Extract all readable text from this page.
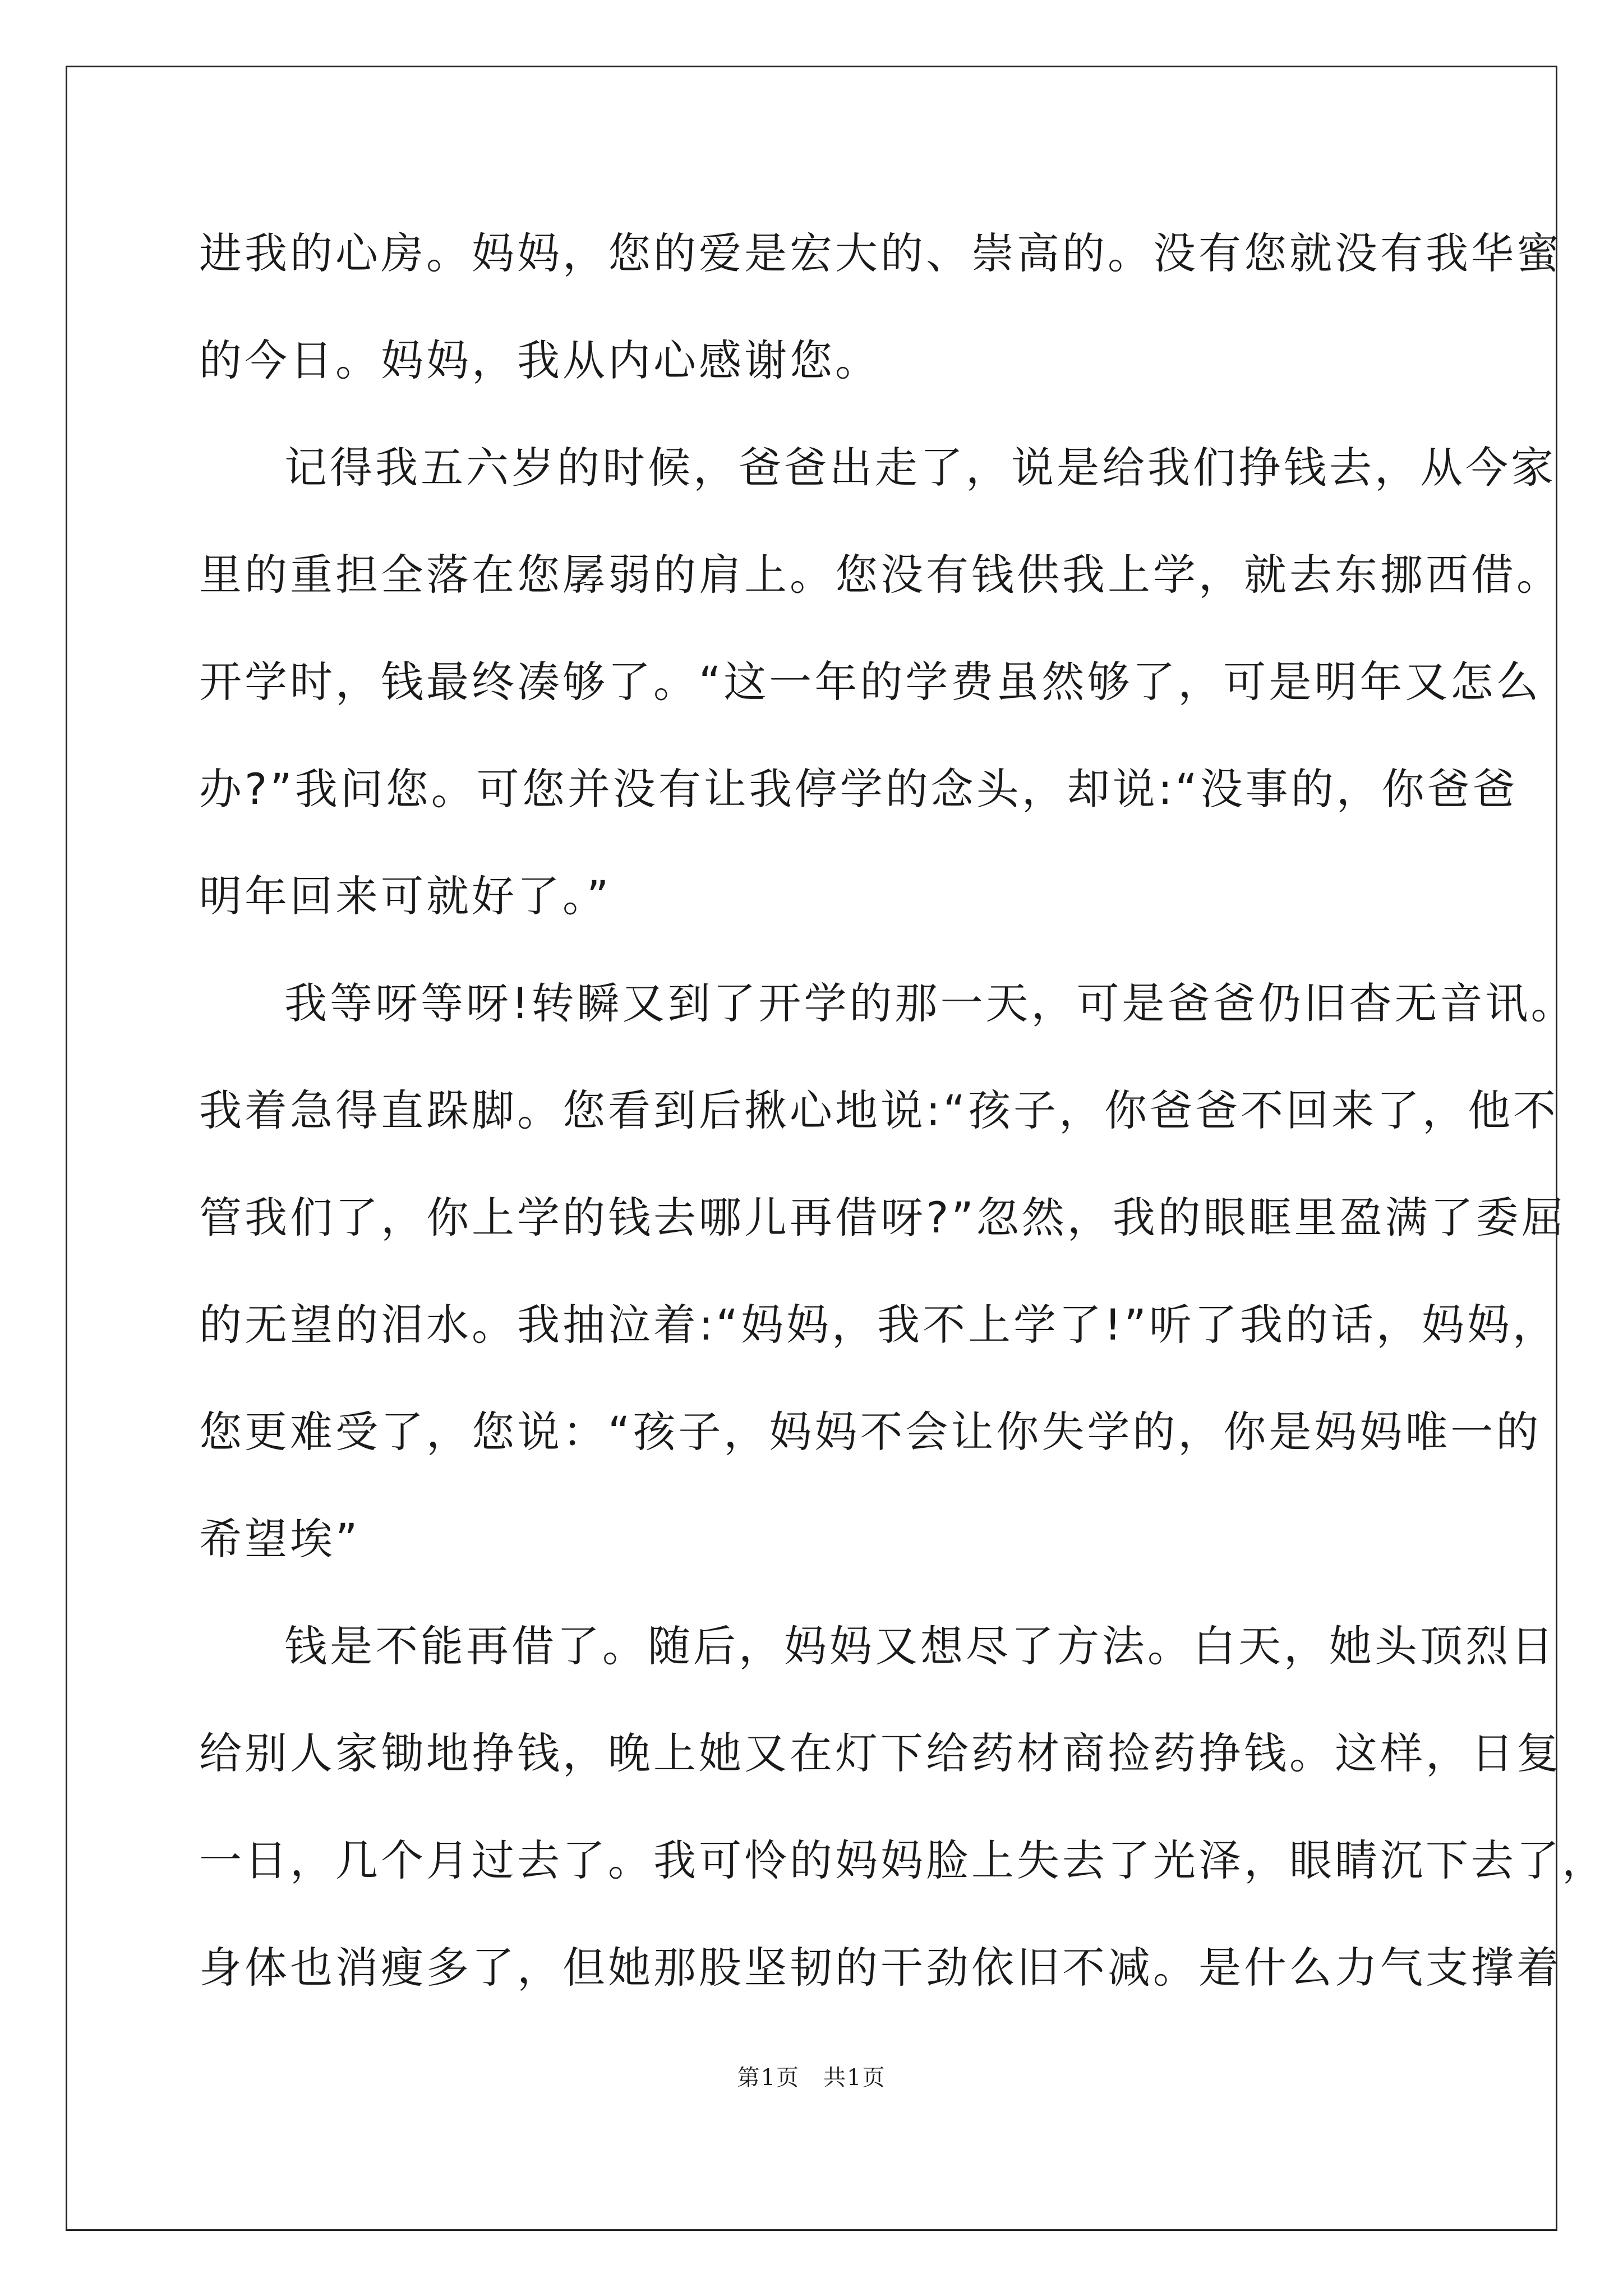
进我的心房。妈妈，您的爱是宏大的、崇高的。没有您就没有我华蜜
的今日。妈妈，我从内心感谢您。
记得我五六岁的时候，爸爸出走了，说是给我们挣钱去，从今家
里的重担全落在您孱弱的肩上。您没有钱供我上学，就去东挪西借。
开学时，钱最终凑够了。“这一年的学费虽然够了，可是明年又怎么
办?”我问您。可您并没有让我停学的念头，却说:“没事的，你爸爸
明年回来可就好了。”
我等呀等呀!转瞬又到了开学的那一天，可是爸爸仍旧杳无音讯。
我着急得直跺脚。您看到后揪心地说:“孩子，你爸爸不回来了，他不
管我们了，你上学的钱去哪儿再借呀?”忽然，我的眼眶里盈满了委屈
的无望的泪水。我抽泣着:“妈妈，我不上学了!”听了我的话，妈妈，
您更难受了，您说：“孩子，妈妈不会让你失学的，你是妈妈唯一的
希望埃”
钱是不能再借了。随后，妈妈又想尽了方法。白天，她头顶烈日
给别人家锄地挣钱，晚上她又在灯下给药材商捡药挣钱。这样，日复
一日，几个月过去了。我可怜的妈妈脸上失去了光泽，眼睛沉下去了，
身体也消瘦多了，但她那股坚韧的干劲依旧不减。是什么力气支撑着
第1页　共1页
